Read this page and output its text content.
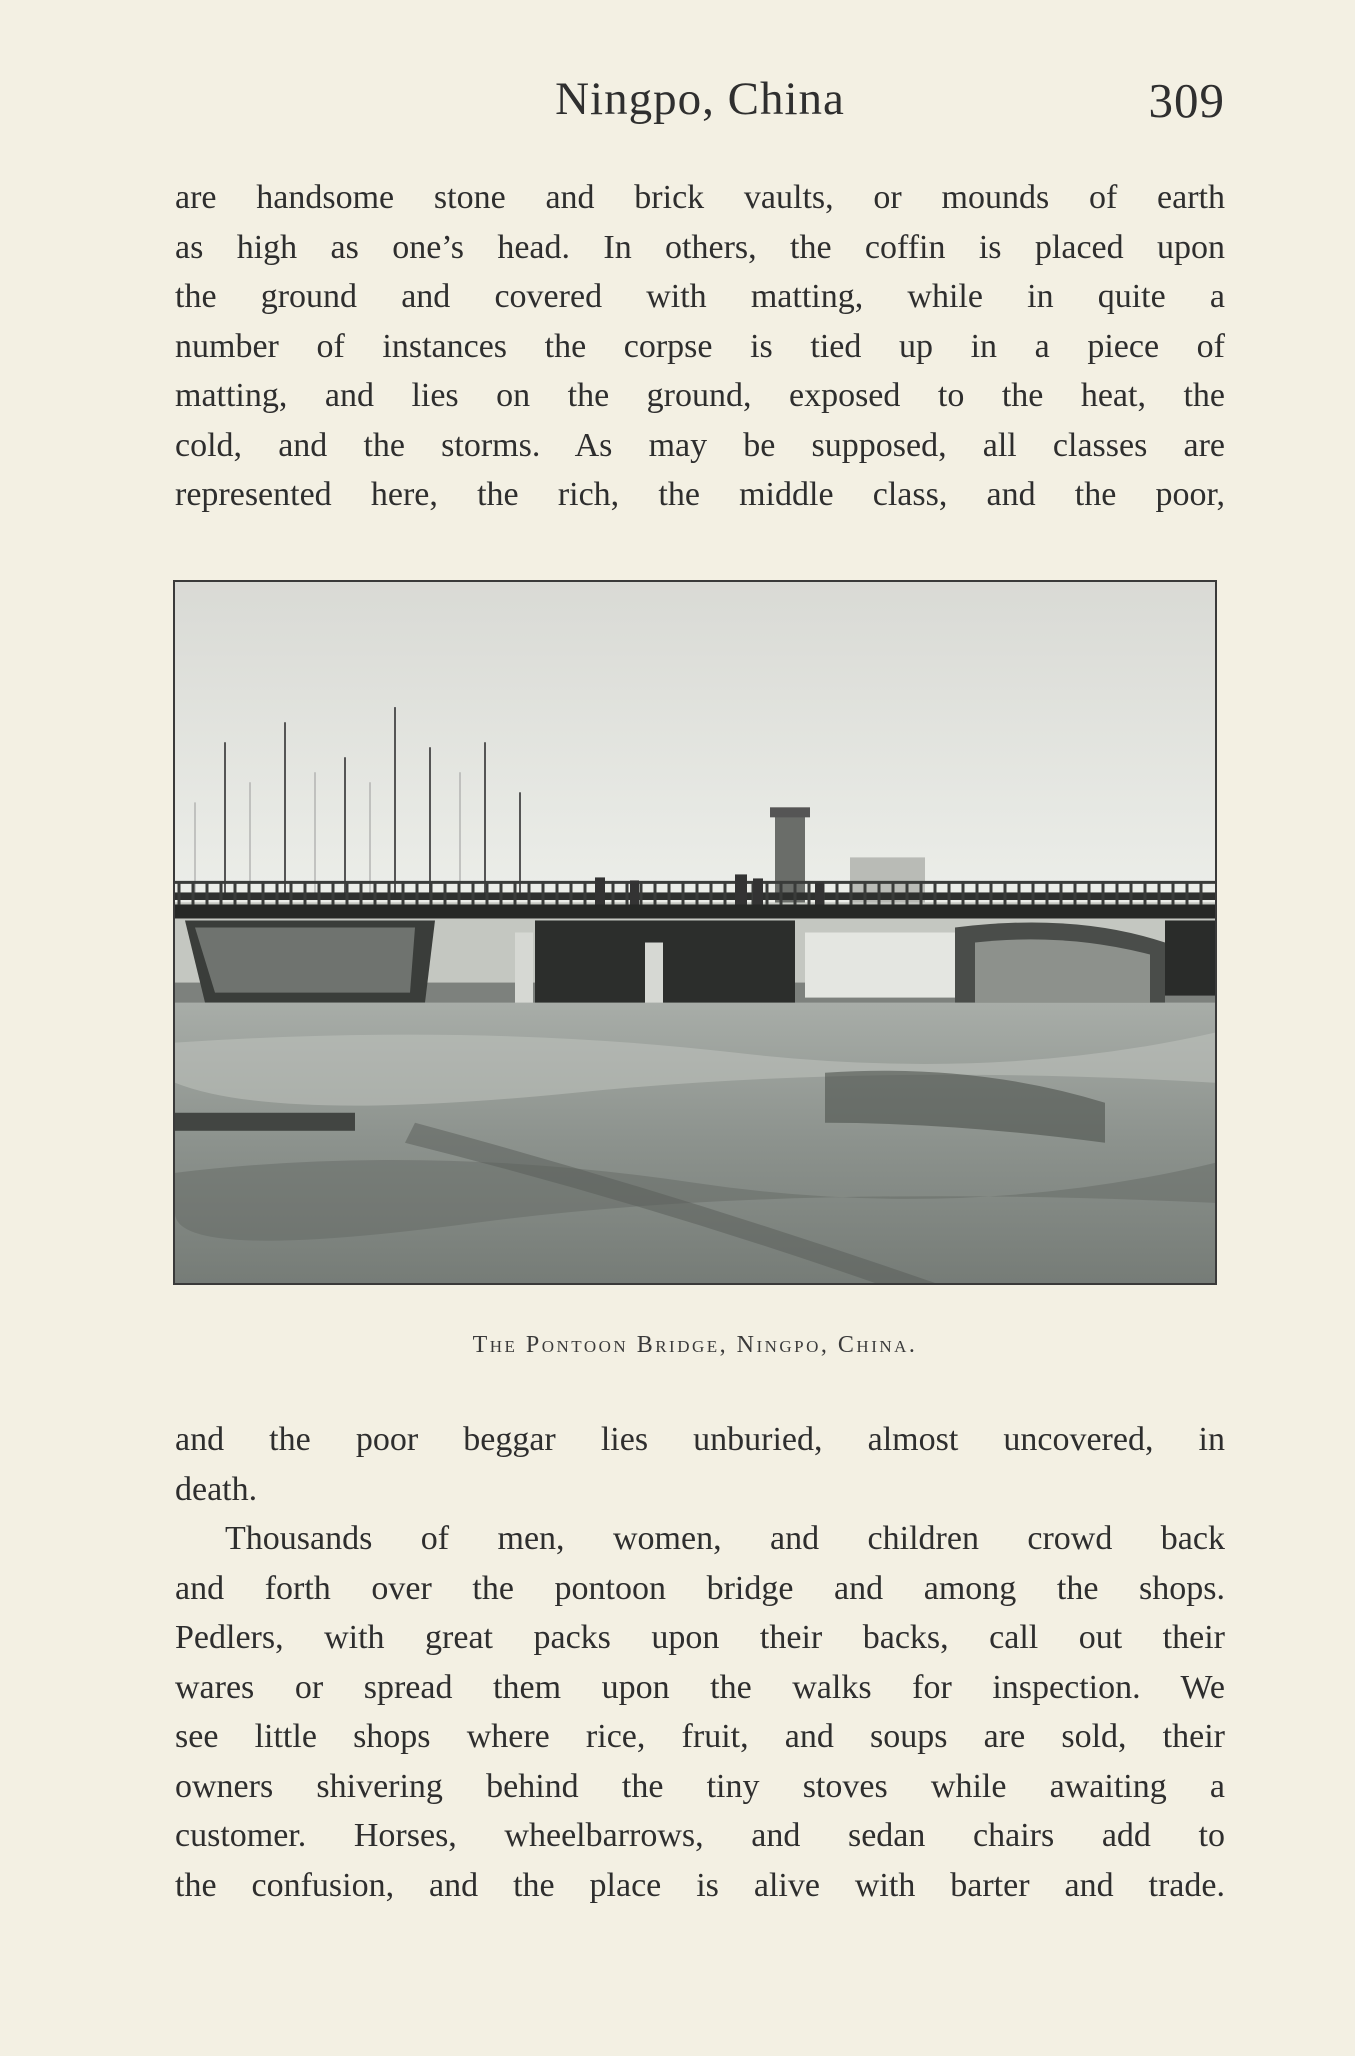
Ningpo, China	309
are handsome stone and brick vaults, or mounds of earth
as high as one’s head. In others, the coffin is placed upon
the ground and covered with matting, while in quite a
number of instances the corpse is tied up in a piece of
matting, and lies on the ground, exposed to the heat, the
cold, and the storms. As may be supposed, all classes are
represented here, the rich, the middle class, and the poor,
The Pontoon Bridge, Ningpo, China.
and the poor beggar lies unburied, almost uncovered, in
death.
Thousands of men, women, and children crowd back
and forth over the pontoon bridge and among the shops.
Pedlers, with great packs upon their backs, call out their
wares or spread them upon the walks for inspection. We
see little shops where rice, fruit, and soups are sold, their
owners shivering behind the tiny stoves while awaiting a
customer. Horses, wheelbarrows, and sedan chairs add to
the confusion, and the place is alive with barter and trade.
